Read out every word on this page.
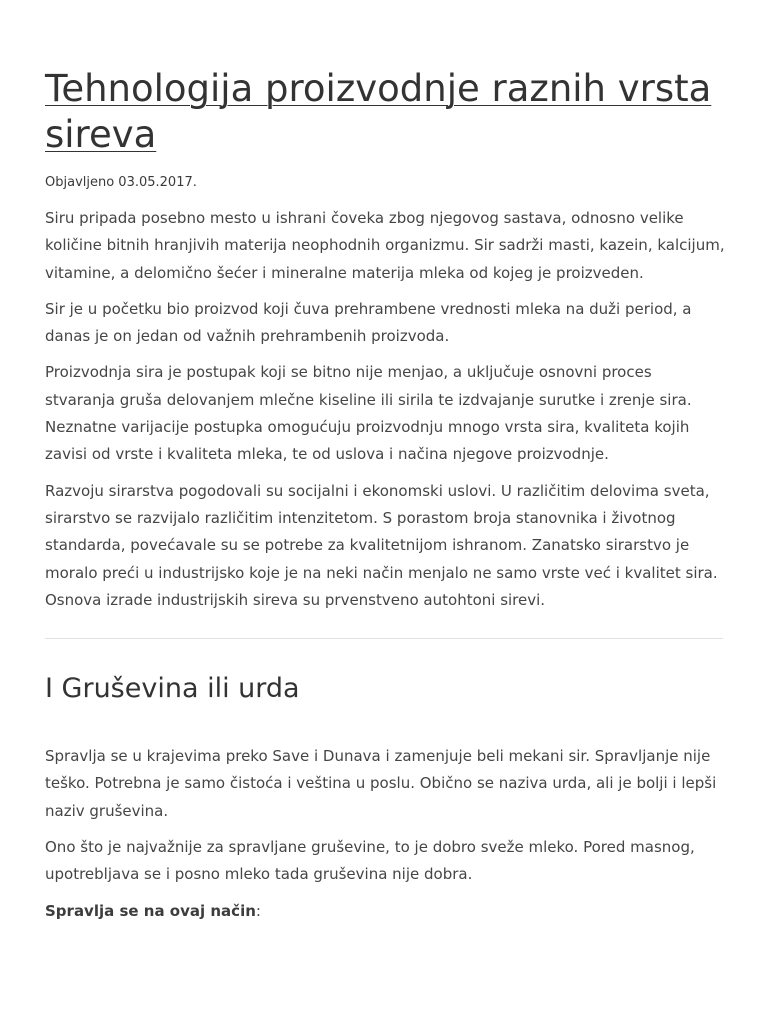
Tehnologija proizvodnje raznih vrsta sireva
Objavljeno 03.05.2017.

Siru pripada posebno mesto u ishrani čoveka zbog njegovog sastava, odnosno velike količine bitnih hranjivih materija neophodnih organizmu. Sir sadrži masti, kazein, kalcijum, vitamine, a delomično šećer i mineralne materija mleka od kojeg je proizveden.

Sir je u početku bio proizvod koji čuva prehrambene vrednosti mleka na duži period, a danas je on jedan od važnih prehrambenih proizvoda.

Proizvodnja sira je postupak koji se bitno nije menjao, a uključuje osnovni proces stvaranja gruša delovanjem mlečne kiseline ili sirila te izdvajanje surutke i zrenje sira. Neznatne varijacije postupka omogućuju proizvodnju mnogo vrsta sira, kvaliteta kojih zavisi od vrste i kvaliteta mleka, te od uslova i načina njegove proizvodnje.

Razvoju sirarstva pogodovali su socijalni i ekonomski uslovi. U različitim delovima sveta, sirarstvo se razvijalo različitim intenzitetom. S porastom broja stanovnika i životnog standarda, povećavale su se potrebe za kvalitetnijom ishranom. Zanatsko sirarstvo je moralo preći u industrijsko koje je na neki način menjalo ne samo vrste već i kvalitet sira. Osnova izrade industrijskih sireva su prvenstveno autohtoni sirevi.

I Gruševina ili urda

Spravlja se u krajevima preko Save i Dunava i zamenjuje beli mekani sir. Spravljanje nije teško. Potrebna je samo čistoća i veština u poslu. Obično se naziva urda, ali je bolji i lepši naziv gruševina.

Ono što je najvažnije za spravljane gruševine, to je dobro sveže mleko. Pored masnog, upotrebljava se i posno mleko tada gruševina nije dobra.

Spravlja se na ovaj način:
